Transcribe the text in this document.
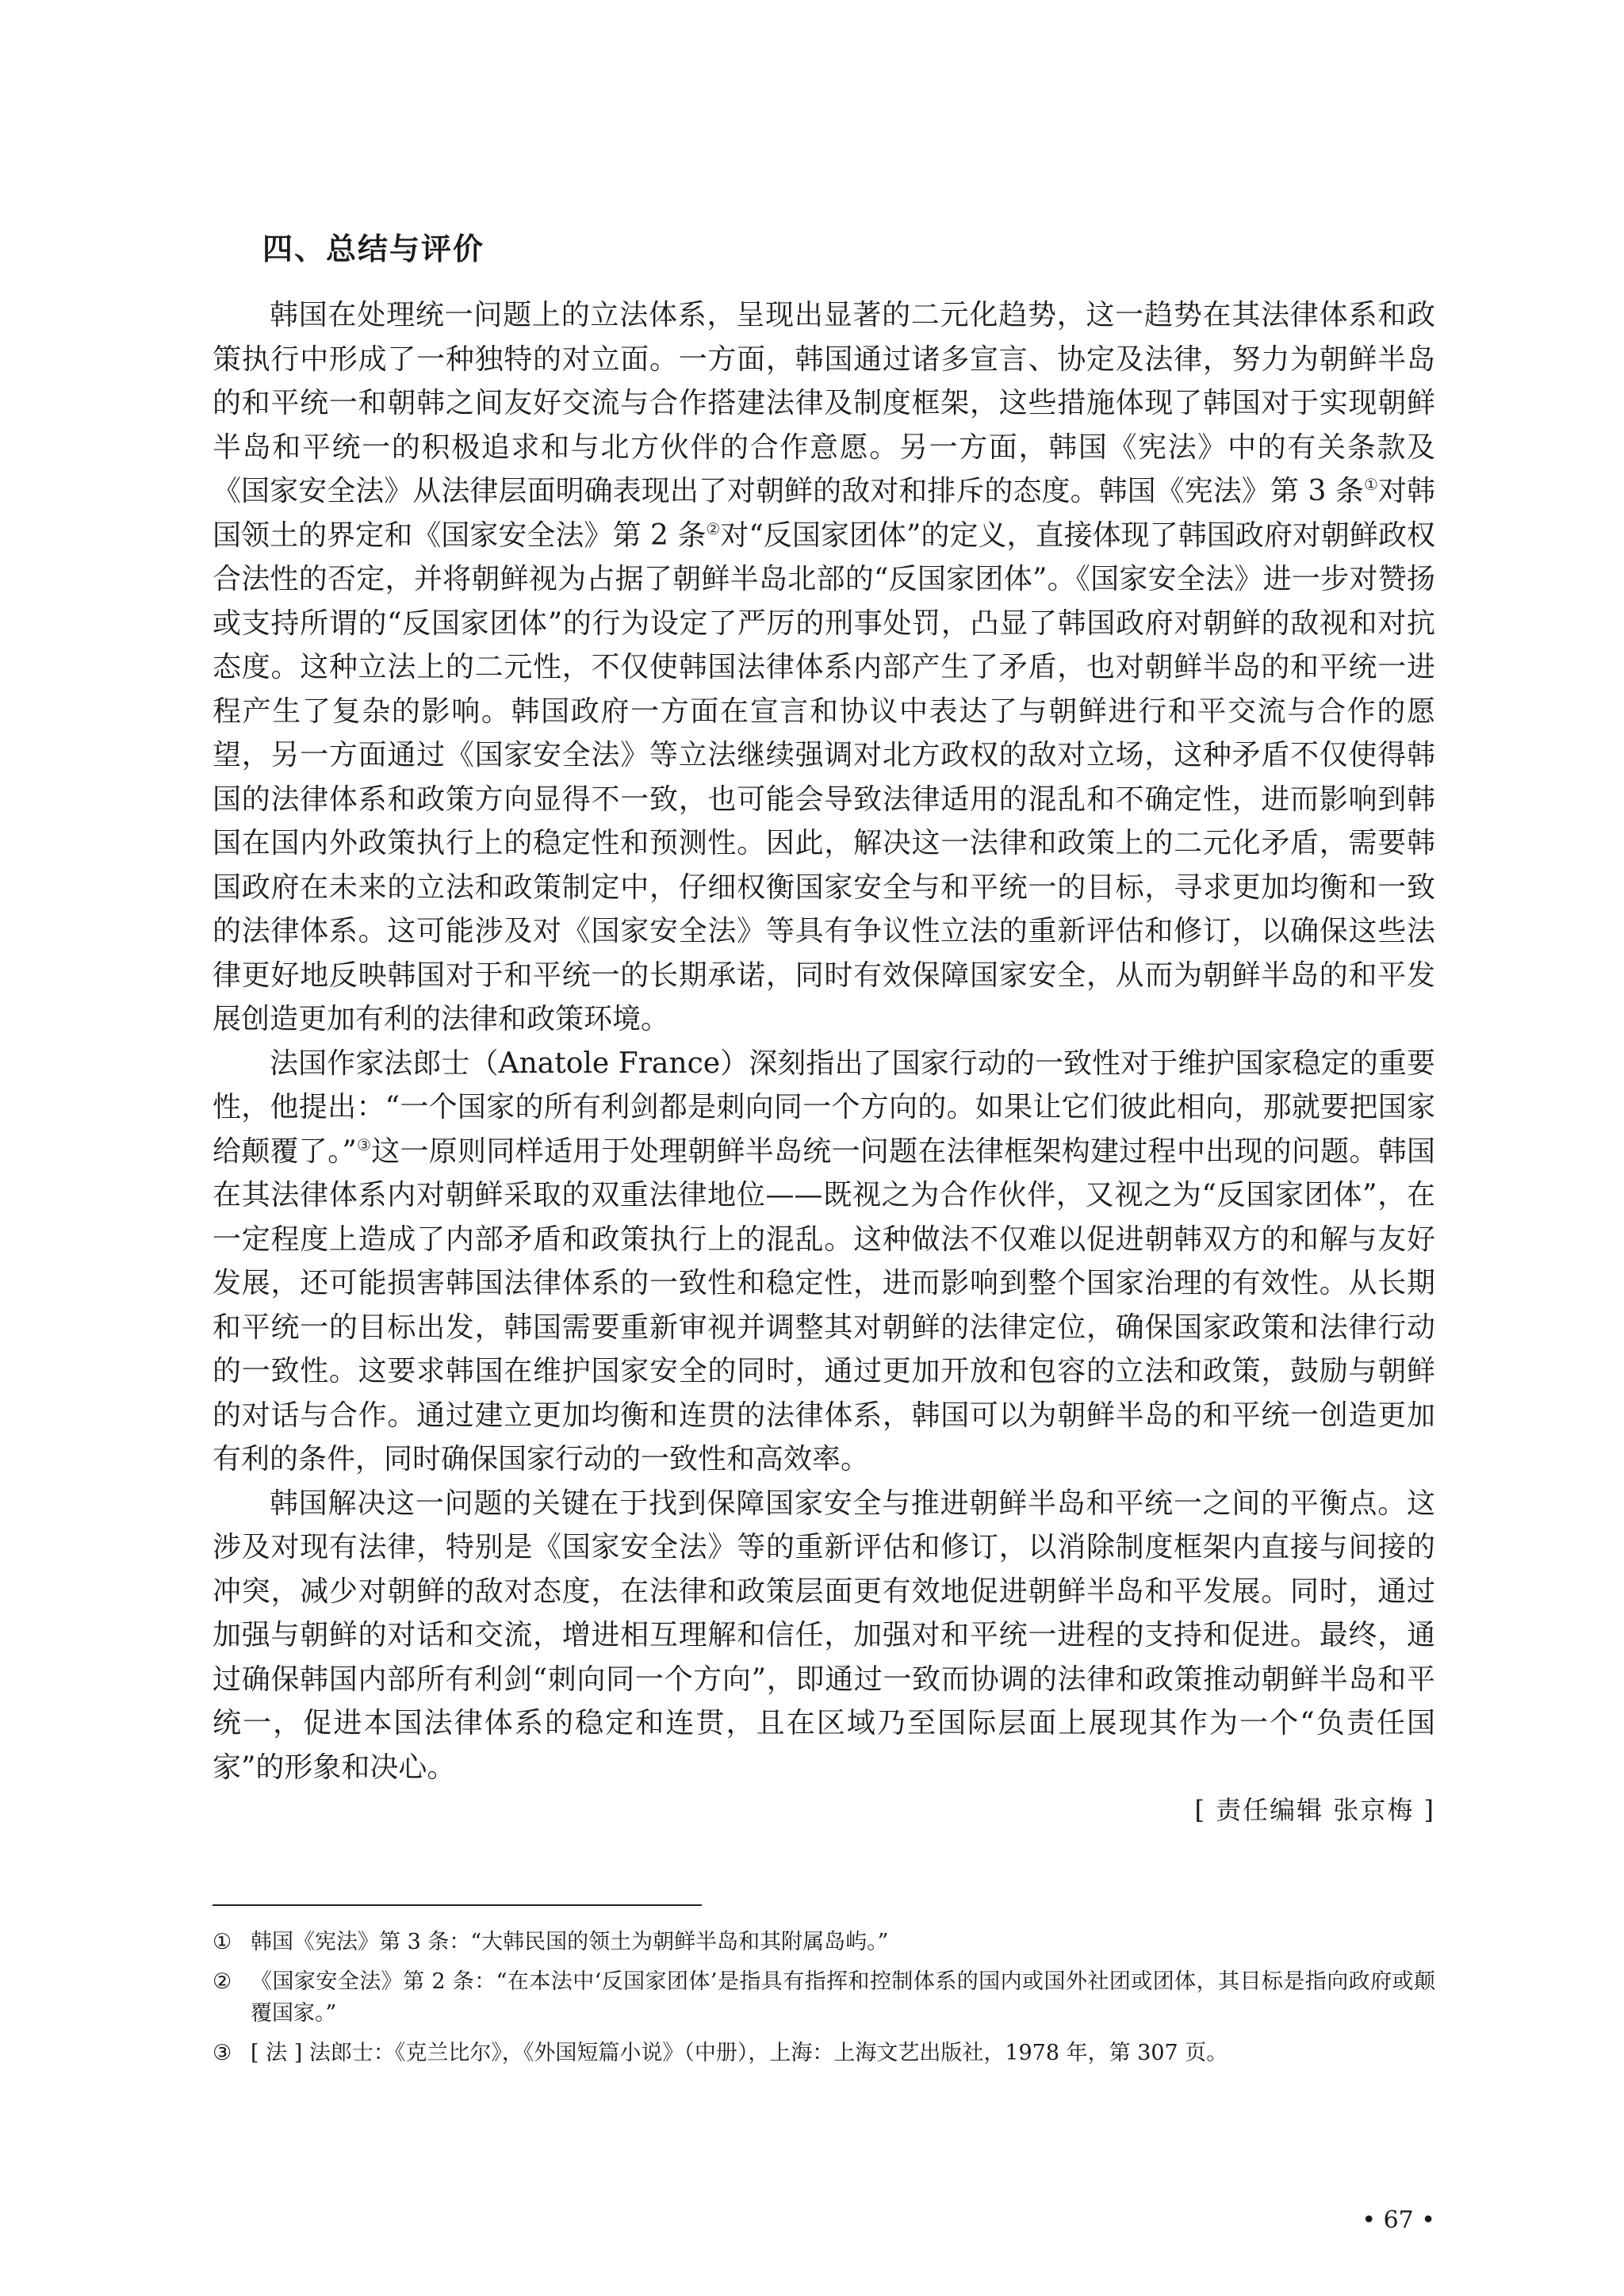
四、总结与评价

韩国在处理统一问题上的立法体系，呈现出显著的二元化趋势，这一趋势在其法律体系和政策执行中形成了一种独特的对立面。一方面，韩国通过诸多宣言、协定及法律，努力为朝鲜半岛的和平统一和朝韩之间友好交流与合作搭建法律及制度框架，这些措施体现了韩国对于实现朝鲜半岛和平统一的积极追求和与北方伙伴的合作意愿。另一方面，韩国《宪法》中的有关条款及《国家安全法》从法律层面明确表现出了对朝鲜的敌对和排斥的态度。韩国《宪法》第 3 条①对韩国领土的界定和《国家安全法》第 2 条②对“反国家团体”的定义，直接体现了韩国政府对朝鲜政权合法性的否定，并将朝鲜视为占据了朝鲜半岛北部的“反国家团体”。《国家安全法》进一步对赞扬或支持所谓的“反国家团体”的行为设定了严厉的刑事处罚，凸显了韩国政府对朝鲜的敌视和对抗态度。这种立法上的二元性，不仅使韩国法律体系内部产生了矛盾，也对朝鲜半岛的和平统一进程产生了复杂的影响。韩国政府一方面在宣言和协议中表达了与朝鲜进行和平交流与合作的愿望，另一方面通过《国家安全法》等立法继续强调对北方政权的敌对立场，这种矛盾不仅使得韩国的法律体系和政策方向显得不一致，也可能会导致法律适用的混乱和不确定性，进而影响到韩国在国内外政策执行上的稳定性和预测性。因此，解决这一法律和政策上的二元化矛盾，需要韩国政府在未来的立法和政策制定中，仔细权衡国家安全与和平统一的目标，寻求更加均衡和一致的法律体系。这可能涉及对《国家安全法》等具有争议性立法的重新评估和修订，以确保这些法律更好地反映韩国对于和平统一的长期承诺，同时有效保障国家安全，从而为朝鲜半岛的和平发展创造更加有利的法律和政策环境。

法国作家法郎士（Anatole France）深刻指出了国家行动的一致性对于维护国家稳定的重要性，他提出：“一个国家的所有利剑都是刺向同一个方向的。如果让它们彼此相向，那就要把国家给颠覆了。”③这一原则同样适用于处理朝鲜半岛统一问题在法律框架构建过程中出现的问题。韩国在其法律体系内对朝鲜采取的双重法律地位——既视之为合作伙伴，又视之为“反国家团体”，在一定程度上造成了内部矛盾和政策执行上的混乱。这种做法不仅难以促进朝韩双方的和解与友好发展，还可能损害韩国法律体系的一致性和稳定性，进而影响到整个国家治理的有效性。从长期和平统一的目标出发，韩国需要重新审视并调整其对朝鲜的法律定位，确保国家政策和法律行动的一致性。这要求韩国在维护国家安全的同时，通过更加开放和包容的立法和政策，鼓励与朝鲜的对话与合作。通过建立更加均衡和连贯的法律体系，韩国可以为朝鲜半岛的和平统一创造更加有利的条件，同时确保国家行动的一致性和高效率。

韩国解决这一问题的关键在于找到保障国家安全与推进朝鲜半岛和平统一之间的平衡点。这涉及对现有法律，特别是《国家安全法》等的重新评估和修订，以消除制度框架内直接与间接的冲突，减少对朝鲜的敌对态度，在法律和政策层面更有效地促进朝鲜半岛和平发展。同时，通过加强与朝鲜的对话和交流，增进相互理解和信任，加强对和平统一进程的支持和促进。最终，通过确保韩国内部所有利剑“刺向同一个方向”，即通过一致而协调的法律和政策推动朝鲜半岛和平统一，促进本国法律体系的稳定和连贯，且在区域乃至国际层面上展现其作为一个“负责任国家”的形象和决心。

[ 责任编辑 张京梅 ]
① 韩国《宪法》第 3 条：“大韩民国的领土为朝鲜半岛和其附属岛屿。”
② 《国家安全法》第 2 条：“在本法中‘反国家团体’是指具有指挥和控制体系的国内或国外社团或团体，其目标是指向政府或颠覆国家。”
③ [ 法 ] 法郎士：《克兰比尔》，《外国短篇小说》（中册），上海：上海文艺出版社，1978 年，第 307 页。
• 67 •
